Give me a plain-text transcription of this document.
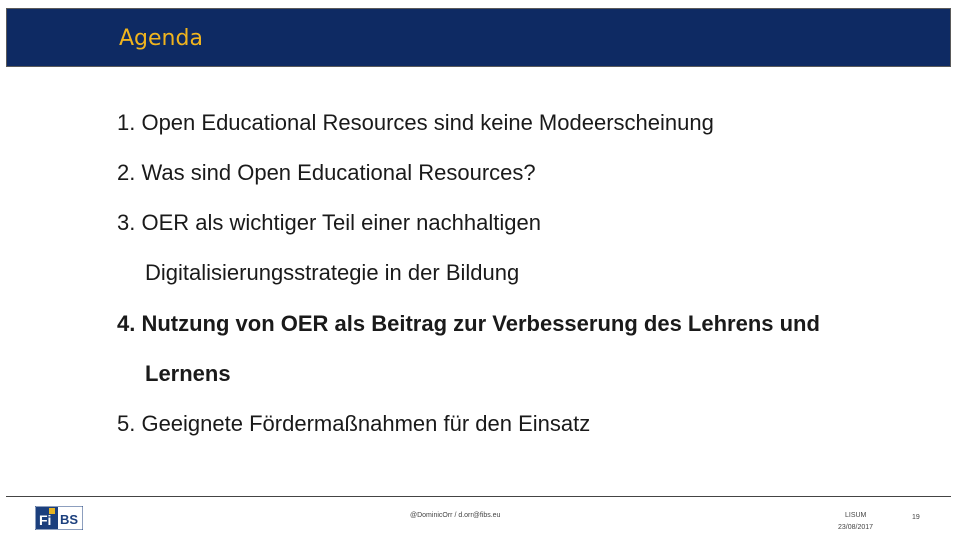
Agenda
1. Open Educational Resources sind keine Modeerscheinung
2. Was sind Open Educational Resources?
3. OER als wichtiger Teil einer nachhaltigen
Digitalisierungsstrategie in der Bildung
4. Nutzung von OER als Beitrag zur Verbesserung des Lehrens und
Lernens
5. Geeignete Fördermaßnahmen für den Einsatz
Fi BS	@DominicOrr / d.orr@fibs.eu	LISUM
23/08/2017
19
